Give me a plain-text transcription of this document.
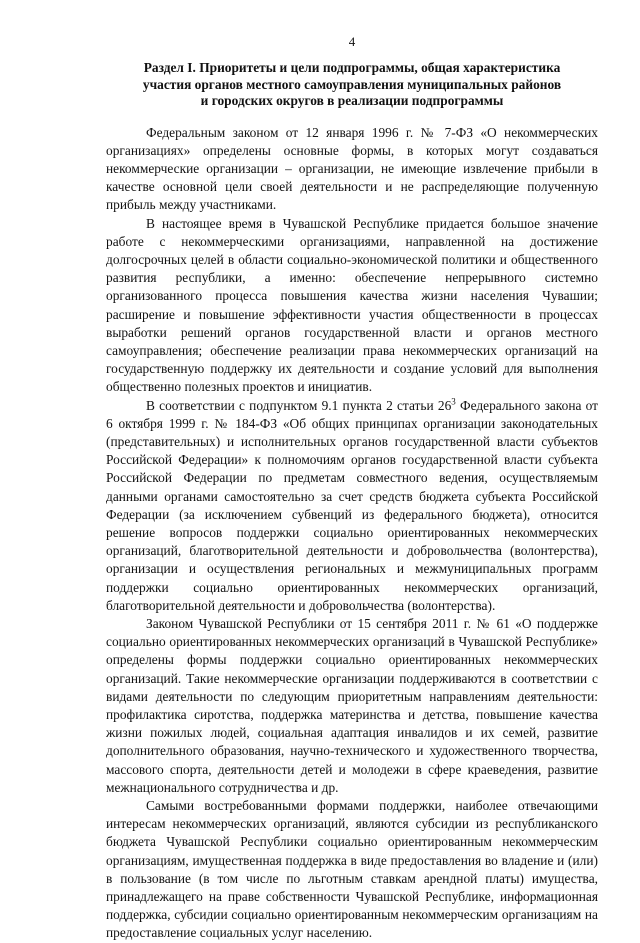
4
Раздел I. Приоритеты и цели подпрограммы, общая характеристика
участия органов местного самоуправления муниципальных районов
и городских округов в реализации подпрограммы

Федеральным законом от 12 января 1996 г. № 7-ФЗ «О некоммерческих организациях» определены основные формы, в которых могут создаваться некоммерческие организации – организации, не имеющие извлечение прибыли в качестве основной цели своей деятельности и не распределяющие полученную прибыль между участниками.

В настоящее время в Чувашской Республике придается большое значение работе с некоммерческими организациями, направленной на достижение долгосрочных целей в области социально-экономической политики и общественного развития республики, а именно: обеспечение непрерывного системно организованного процесса повышения качества жизни населения Чувашии; расширение и повышение эффективности участия общественности в процессах выработки решений органов государственной власти и органов местного самоуправления; обеспечение реализации права некоммерческих организаций на государственную поддержку их деятельности и создание условий для выполнения общественно полезных проектов и инициатив.

В соответствии с подпунктом 9.1 пункта 2 статьи $26^3$ Федерального закона от 6 октября 1999 г. № 184-ФЗ «Об общих принципах организации законодательных (представительных) и исполнительных органов государственной власти субъектов Российской Федерации» к полномочиям органов государственной власти субъекта Российской Федерации по предметам совместного ведения, осуществляемым данными органами самостоятельно за счет средств бюджета субъекта Российской Федерации (за исключением субвенций из федерального бюджета), относится решение вопросов поддержки социально ориентированных некоммерческих организаций, благотворительной деятельности и добровольчества (волонтерства), организации и осуществления региональных и межмуниципальных программ поддержки социально ориентированных некоммерческих организаций, благотворительной деятельности и добровольчества (волонтерства).

Законом Чувашской Республики от 15 сентября 2011 г. № 61 «О поддержке социально ориентированных некоммерческих организаций в Чувашской Республике» определены формы поддержки социально ориентированных некоммерческих организаций. Такие некоммерческие организации поддерживаются в соответствии с видами деятельности по следующим приоритетным направлениям деятельности: профилактика сиротства, поддержка материнства и детства, повышение качества жизни пожилых людей, социальная адаптация инвалидов и их семей, развитие дополнительного образования, научно-технического и художественного творчества, массового спорта, деятельности детей и молодежи в сфере краеведения, развитие межнационального сотрудничества и др.

Самыми востребованными формами поддержки, наиболее отвечающими интересам некоммерческих организаций, являются субсидии из республиканского бюджета Чувашской Республики социально ориентированным некоммерческим организациям, имущественная поддержка в виде предоставления во владение и (или) в пользование (в том числе по льготным ставкам арендной платы) имущества, принадлежащего на праве собственности Чувашской Республике, информационная поддержка, субсидии социально ориентированным некоммерческим организациям на предоставление социальных услуг населению.
